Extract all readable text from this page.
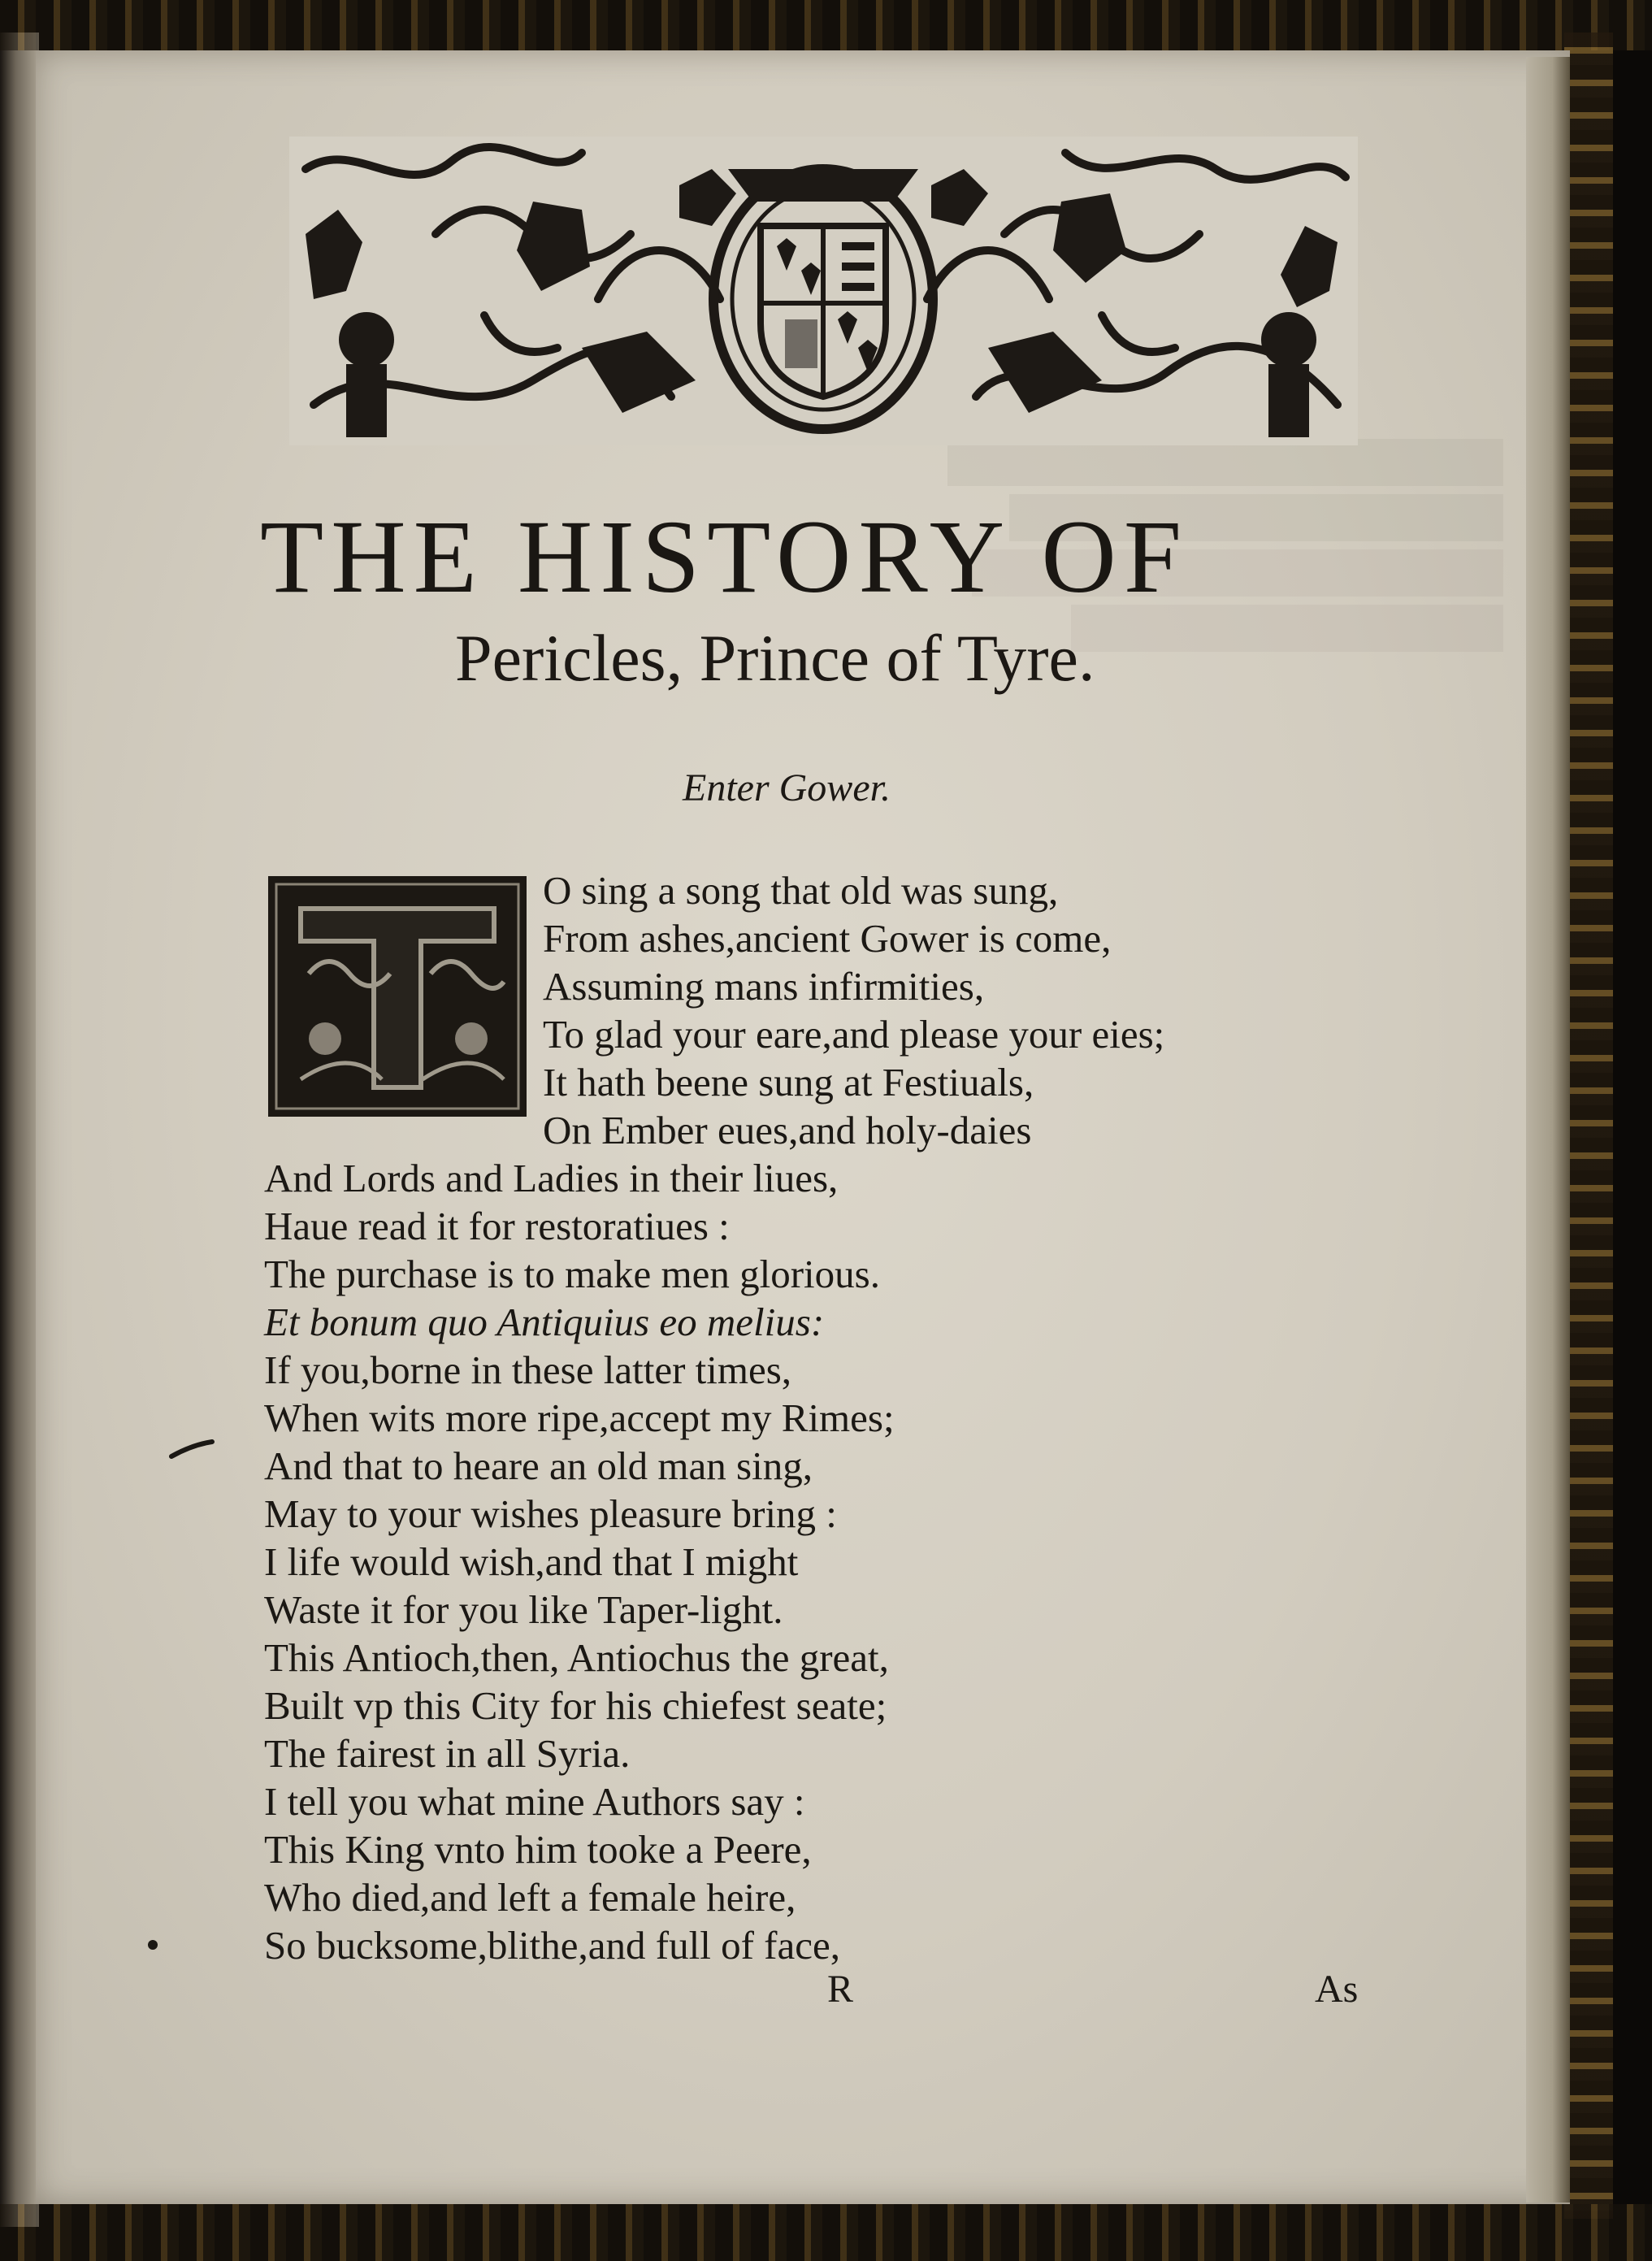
THE HISTORY OF
Pericles, Prince of Tyre.
Enter Gower.
O sing a song that old was sung,
From ashes,ancient Gower is come,
Assuming mans infirmities,
To glad your eare,and please your eies;
It hath beene sung at Festiuals,
On Ember eues,and holy-daies
And Lords and Ladies in their liues,
Haue read it for restoratiues :
The purchase is to make men glorious.
Et bonum quo Antiquius eo melius:
If you,borne in these latter times,
When wits more ripe,accept my Rimes;
And that to heare an old man sing,
May to your wishes pleasure bring :
I life would wish,and that I might
Waste it for you like Taper-light.
This Antioch,then, Antiochus the great,
Built vp this City for his chiefest seate;
The fairest in all Syria.
I tell you what mine Authors say :
This King vnto him tooke a Peere,
Who died,and left a female heire,
So bucksome,blithe,and full of face,
R	As
